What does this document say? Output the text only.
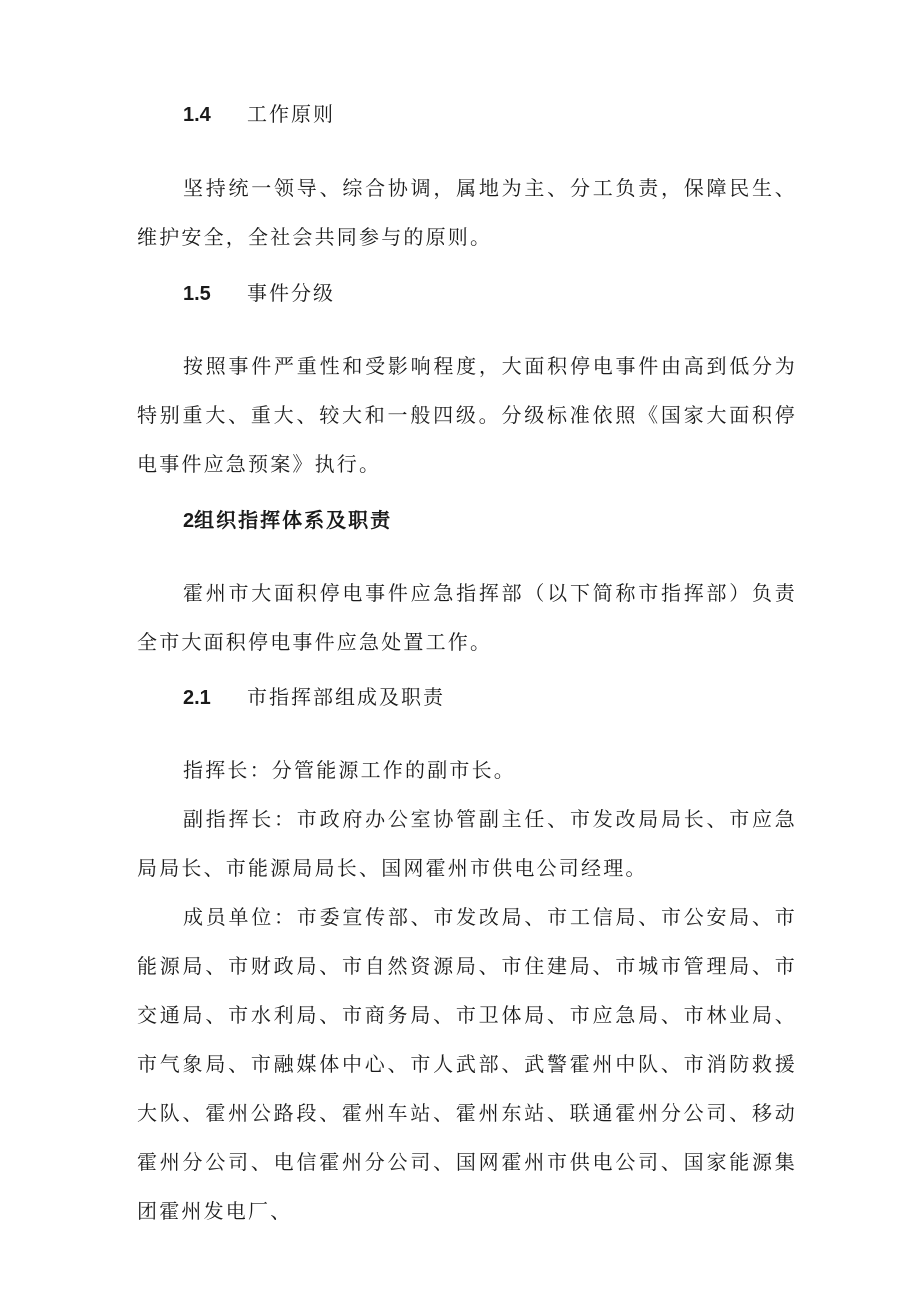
1.4 工作原则

坚持统一领导、综合协调，属地为主、分工负责，保障民生、维护安全，全社会共同参与的原则。

1.5 事件分级

按照事件严重性和受影响程度，大面积停电事件由高到低分为特别重大、重大、较大和一般四级。分级标准依照《国家大面积停电事件应急预案》执行。

2组织指挥体系及职责

霍州市大面积停电事件应急指挥部（以下简称市指挥部）负责全市大面积停电事件应急处置工作。

2.1 市指挥部组成及职责

指挥长：分管能源工作的副市长。

副指挥长：市政府办公室协管副主任、市发改局局长、市应急局局长、市能源局局长、国网霍州市供电公司经理。

成员单位：市委宣传部、市发改局、市工信局、市公安局、市能源局、市财政局、市自然资源局、市住建局、市城市管理局、市交通局、市水利局、市商务局、市卫体局、市应急局、市林业局、市气象局、市融媒体中心、市人武部、武警霍州中队、市消防救援大队、霍州公路段、霍州车站、霍州东站、联通霍州分公司、移动霍州分公司、电信霍州分公司、国网霍州市供电公司、国家能源集团霍州发电厂、
